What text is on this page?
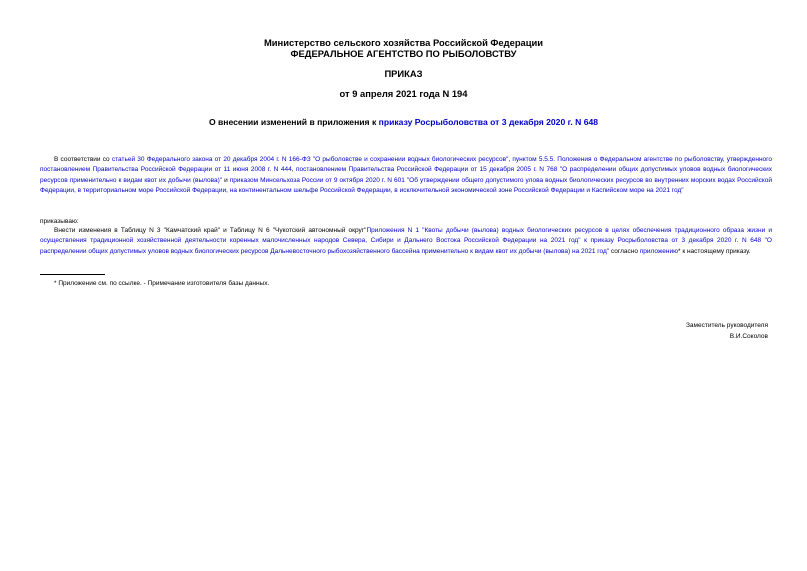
Министерство сельского хозяйства Российской Федерации
ФЕДЕРАЛЬНОЕ АГЕНТСТВО ПО РЫБОЛОВСТВУ
ПРИКАЗ
от 9 апреля 2021 года N 194
О внесении изменений в приложения к приказу Росрыболовства от 3 декабря 2020 г. N 648
В соответствии со статьей 30 Федерального закона от 20 декабря 2004 г. N 166-ФЗ "О рыболовстве и сохранении водных биологических ресурсов", пунктом 5.5.5. Положения о Федеральном агентстве по рыболовству, утвержденного постановлением Правительства Российской Федерации от 11 июня 2008 г. N 444, постановлением Правительства Российской Федерации от 15 декабря 2005 г. N 768 "О распределении общих допустимых уловов водных биологических ресурсов применительно к видам квот их добычи (вылова)" и приказом Минсельхоза России от 9 октября 2020 г. N 601 "Об утверждении общего допустимого улова водных биологических ресурсов во внутренних морских водах Российской Федерации, в территориальном море Российской Федерации, на континентальном шельфе Российской Федерации, в исключительной экономической зоне Российской Федерации и Каспийском море на 2021 год"
приказываю:
Внести изменения в Таблицу N 3 "Камчатский край" и Таблицу N 6 "Чукотский автономный округ"Приложения N 1 "Квоты добычи (вылова) водных биологических ресурсов в целях обеспечения традиционного образа жизни и осуществления традиционной хозяйственной деятельности коренных малочисленных народов Севера, Сибири и Дальнего Востока Российской Федерации на 2021 год" к приказу Росрыболовства от 3 декабря 2020 г. N 648 "О распределении общих допустимых уловов водных биологических ресурсов Дальневосточного рыбохозяйственного бассейна применительно к видам квот их добычи (вылова) на 2021 год" согласно приложению* к настоящему приказу.
* Приложение см. по ссылке. - Примечание изготовителя базы данных.
Заместитель руководителя
В.И.Соколов
